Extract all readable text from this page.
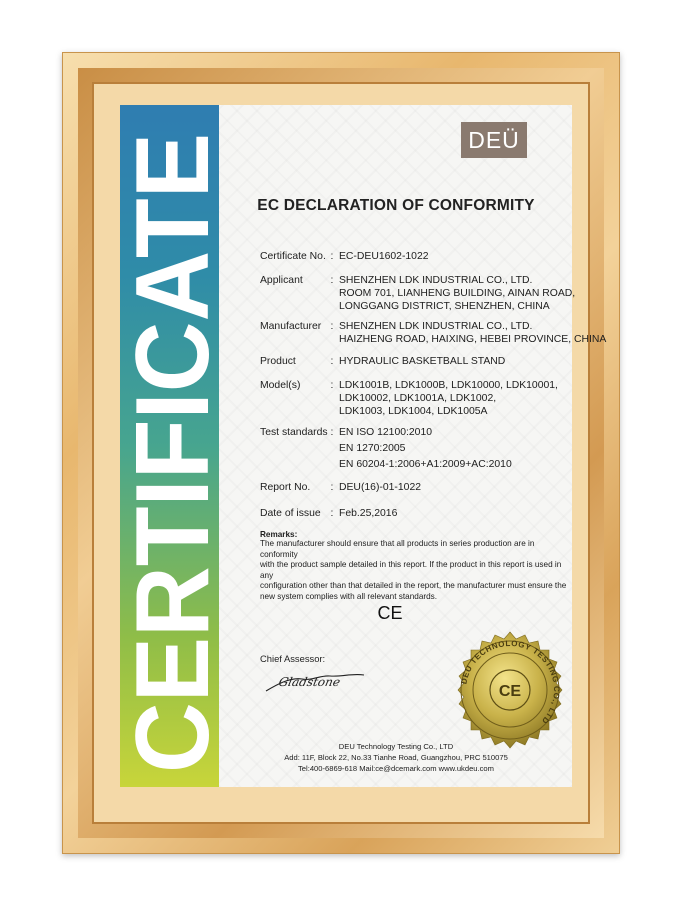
CERTIFICATE	DEÜ
EC DECLARATION OF CONFORMITY
Certificate No. : EC-DEU1602-1022
Applicant	: SHENZHEN LDK INDUSTRIAL CO., LTD.
ROOM 701, LIANHENG BUILDING, AINAN ROAD,
LONGGANG DISTRICT, SHENZHEN, CHINA
Manufacturer : SHENZHEN LDK INDUSTRIAL CO., LTD.
HAIZHENG ROAD, HAIXING, HEBEI PROVINCE, CHINA
Product	: HYDRAULIC BASKETBALL STAND
Model(s)	: LDK1001B, LDK1000B, LDK10000, LDK10001,
LDK10002, LDK1001A, LDK1002,
LDK1003, LDK1004, LDK1005A
Test standards : EN ISO 12100:2010
EN 1270:2005
EN 60204-1:2006+A1:2009+AC:2010
Report No.	: DEU(16)-01-1022
Date of issue : Feb.25,2016
Remarks:
The manufacturer should ensure that all products in series production are in conformity
with the product sample detailed in this report. If the product in this report is used in any
configuration other than that detailed in the report, the manufacturer must ensure the
new system complies with all relevant standards.
CE
Chief Assessor:
Gladstone	DEU TECHNOLOGY TESTING CO., LTD
CE
DEU Technology Testing Co., LTD
Add: 11F, Block 22, No.33 Tianhe Road, Guangzhou, PRC 510075
Tel:400-6869-618 Mail:ce@dcemark.com www.ukdeu.com
